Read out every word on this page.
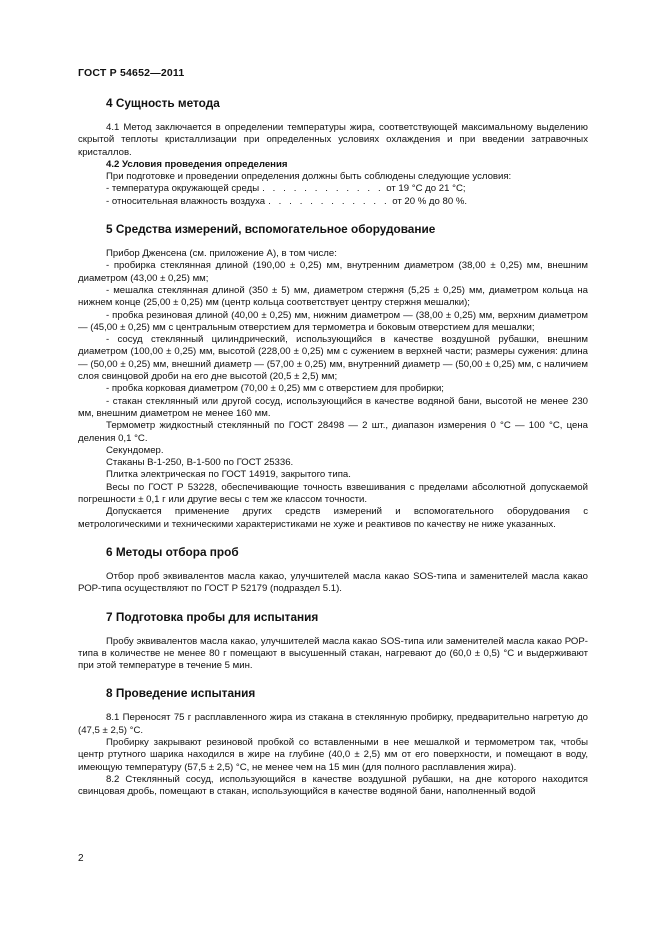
ГОСТ Р 54652—2011
4 Сущность метода

4.1 Метод заключается в определении температуры жира, соответствующей максимальному выделению скрытой теплоты кристаллизации при определенных условиях охлаждения и при введении затравочных кристаллов.

4.2 Условия проведения определения

При подготовке и проведении определения должны быть соблюдены следующие условия:

- температура окружающей среды . . . . . . . . . . . . от 19 °С до 21 °С;
- относительная влажность воздуха . . . . . . . . . . . . от 20 % до 80 %.
5 Средства измерений, вспомогательное оборудование

Прибор Дженсена (см. приложение А), в том числе:

- пробирка стеклянная длиной (190,00 ± 0,25) мм, внутренним диаметром (38,00 ± 0,25) мм, внешним диаметром (43,00 ± 0,25) мм;

- мешалка стеклянная длиной (350 ± 5) мм, диаметром стержня (5,25 ± 0,25) мм, диаметром кольца на нижнем конце (25,00 ± 0,25) мм (центр кольца соответствует центру стержня мешалки);

- пробка резиновая длиной (40,00 ± 0,25) мм, нижним диаметром — (38,00 ± 0,25) мм, верхним диаметром — (45,00 ± 0,25) мм с центральным отверстием для термометра и боковым отверстием для мешалки;

- сосуд стеклянный цилиндрический, использующийся в качестве воздушной рубашки, внешним диаметром (100,00 ± 0,25) мм, высотой (228,00 ± 0,25) мм с сужением в верхней части; размеры сужения: длина — (50,00 ± 0,25) мм, внешний диаметр — (57,00 ± 0,25) мм, внутренний диаметр — (50,00 ± 0,25) мм, с наличием слоя свинцовой дроби на его дне высотой (20,5 ± 2,5) мм;

- пробка корковая диаметром (70,00 ± 0,25) мм с отверстием для пробирки;

- стакан стеклянный или другой сосуд, использующийся в качестве водяной бани, высотой не менее 230 мм, внешним диаметром не менее 160 мм.

Термометр жидкостный стеклянный по ГОСТ 28498 — 2 шт., диапазон измерения 0 °С — 100 °С, цена деления 0,1 °С.

Секундомер.

Стаканы В-1-250, В-1-500 по ГОСТ 25336.

Плитка электрическая по ГОСТ 14919, закрытого типа.

Весы по ГОСТ Р 53228, обеспечивающие точность взвешивания с пределами абсолютной допускаемой погрешности ± 0,1 г или другие весы с тем же классом точности.

Допускается применение других средств измерений и вспомогательного оборудования с метрологическими и техническими характеристиками не хуже и реактивов по качеству не ниже указанных.

6 Методы отбора проб

Отбор проб эквивалентов масла какао, улучшителей масла какао SOS-типа и заменителей масла какао РОР-типа осуществляют по ГОСТ Р 52179 (подраздел 5.1).

7 Подготовка пробы для испытания

Пробу эквивалентов масла какао, улучшителей масла какао SOS-типа или заменителей масла какао РОР-типа в количестве не менее 80 г помещают в высушенный стакан, нагревают до (60,0 ± 0,5) °С и выдерживают при этой температуре в течение 5 мин.

8 Проведение испытания

8.1 Переносят 75 г расплавленного жира из стакана в стеклянную пробирку, предварительно нагретую до (47,5 ± 2,5) °С.

Пробирку закрывают резиновой пробкой со вставленными в нее мешалкой и термометром так, чтобы центр ртутного шарика находился в жире на глубине (40,0 ± 2,5) мм от его поверхности, и помещают в воду, имеющую температуру (57,5 ± 2,5) °С, не менее чем на 15 мин (для полного расплавления жира).

8.2 Стеклянный сосуд, использующийся в качестве воздушной рубашки, на дне которого находится свинцовая дробь, помещают в стакан, использующийся в качестве водяной бани, наполненный водой

2
